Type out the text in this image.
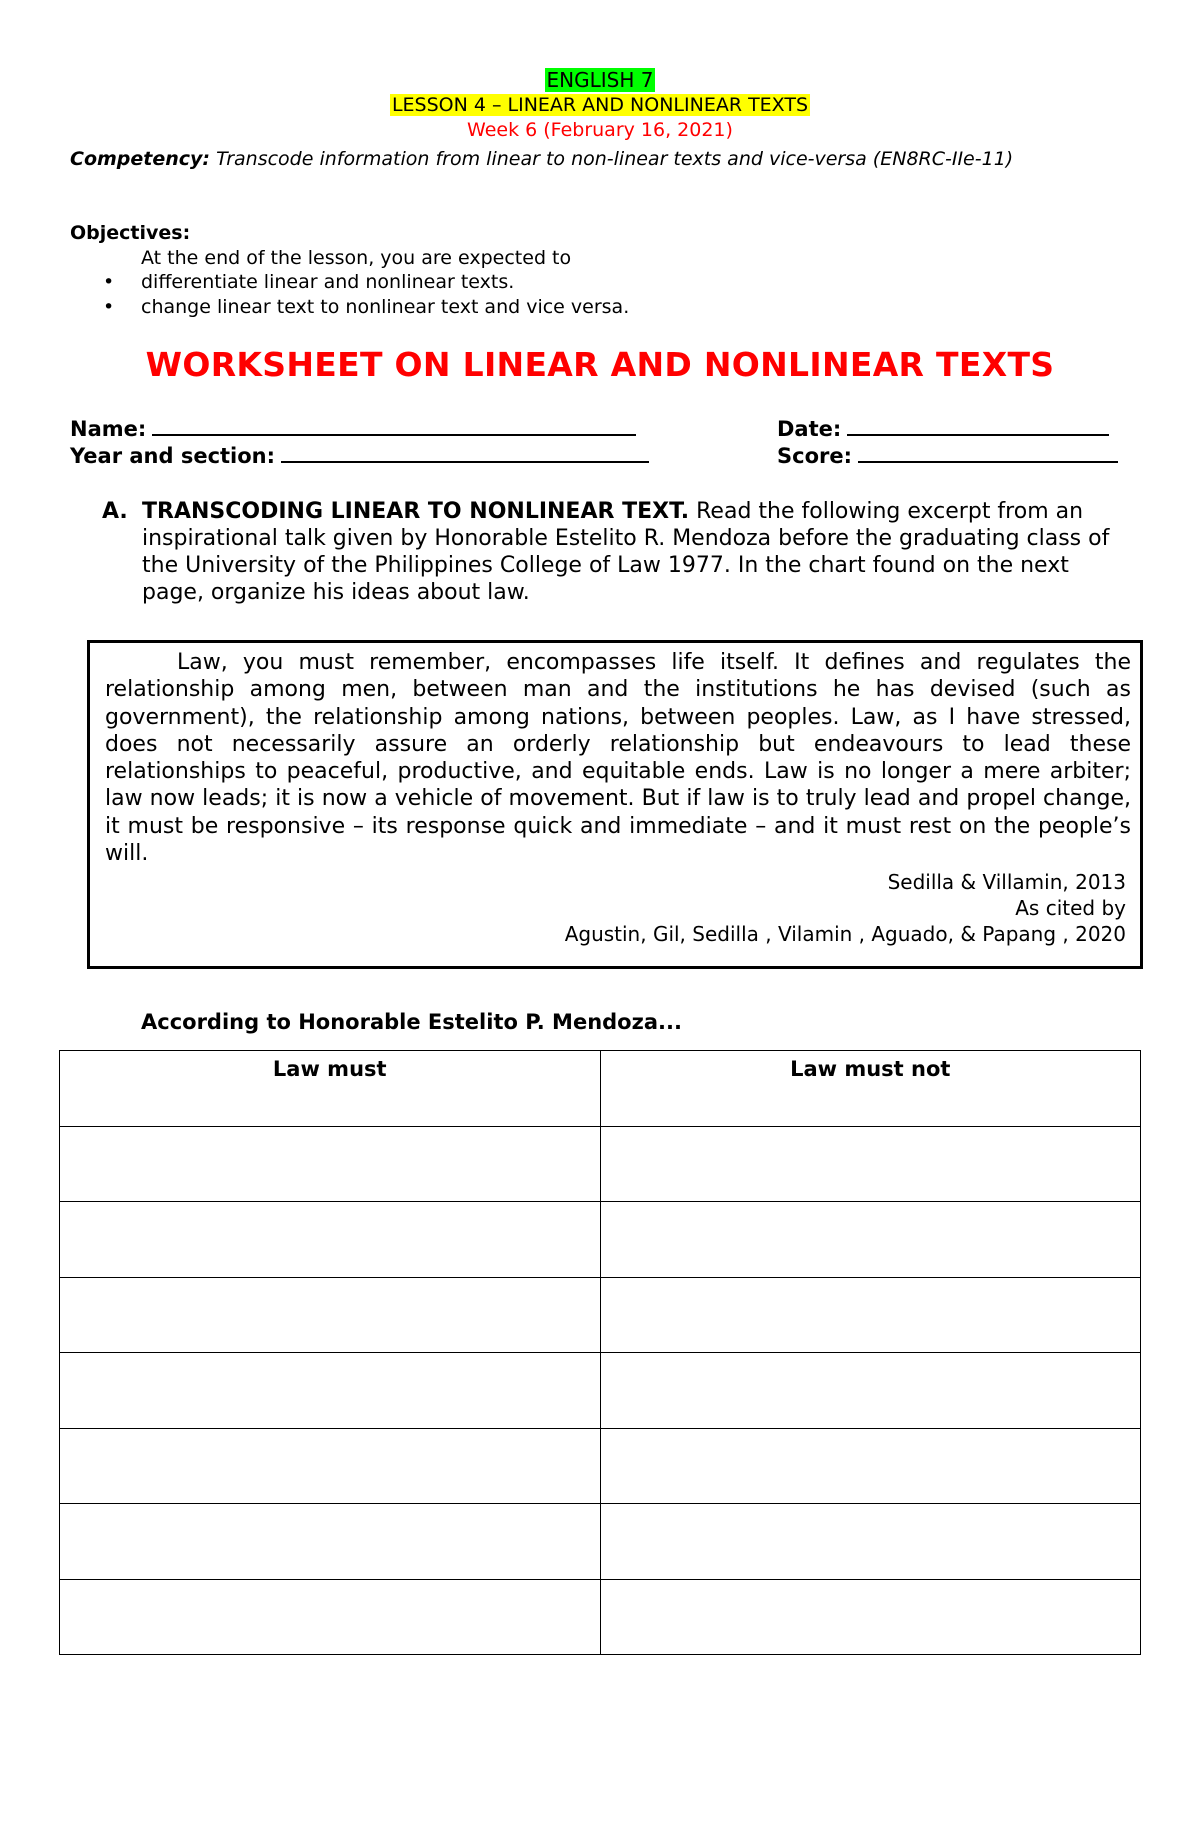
ENGLISH 7
LESSON 4 – LINEAR AND NONLINEAR TEXTS
Week 6 (February 16, 2021)
Competency: Transcode information from linear to non-linear texts and vice-versa (EN8RC-IIe-11)
Objectives:
At the end of the lesson, you are expected to
• differentiate linear and nonlinear texts.
• change linear text to nonlinear text and vice versa.
WORKSHEET ON LINEAR AND NONLINEAR TEXTS
Name:	Date:
Year and section:	Score:
A. TRANSCODING LINEAR TO NONLINEAR TEXT. Read the following excerpt from an inspirational talk given by Honorable Estelito R. Mendoza before the graduating class of the University of the Philippines College of Law 1977. In the chart found on the next page, organize his ideas about law.
Law, you must remember, encompasses life itself. It defines and regulates the relationship among men, between man and the institutions he has devised (such as government), the relationship among nations, between peoples. Law, as I have stressed, does not necessarily assure an orderly relationship but endeavours to lead these relationships to peaceful, productive, and equitable ends. Law is no longer a mere arbiter; law now leads; it is now a vehicle of movement. But if law is to truly lead and propel change, it must be responsive – its response quick and immediate – and it must rest on the people’s will.
Sedilla & Villamin, 2013
As cited by
Agustin, Gil, Sedilla , Vilamin , Aguado, & Papang , 2020
According to Honorable Estelito P. Mendoza...
Law must	Law must not
